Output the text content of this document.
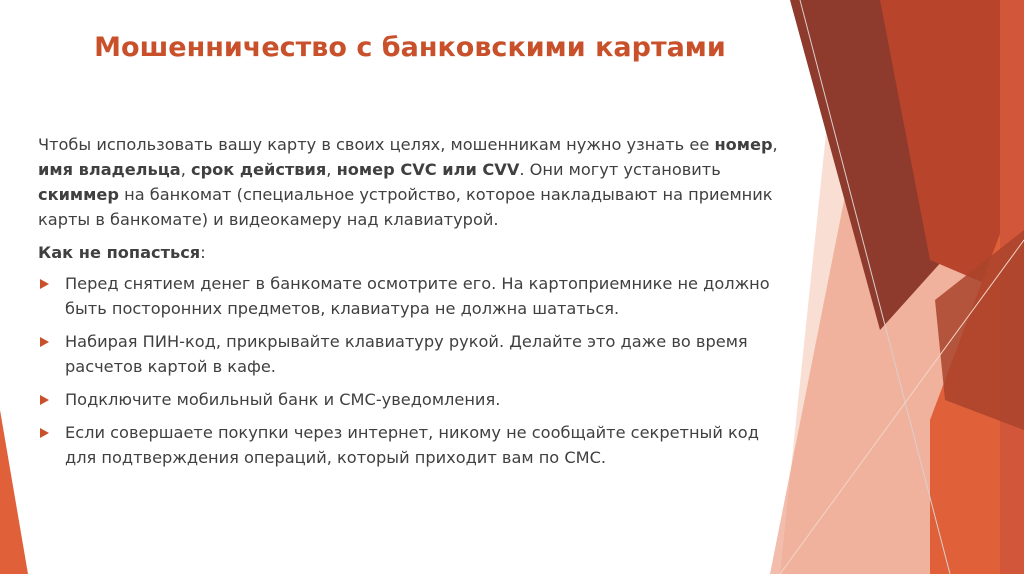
Мошенничество с банковскими картами

Чтобы использовать вашу карту в своих целях, мошенникам нужно узнать ее номер, имя владельца, срок действия, номер CVC или CVV. Они могут установить скиммер на банкомат (специальное устройство, которое накладывают на приемник карты в банкомате) и видеокамеру над клавиатурой.

Как не попасться:

Перед снятием денег в банкомате осмотрите его. На картоприемнике не должно быть посторонних предметов, клавиатура не должна шататься.
Набирая ПИН-код, прикрывайте клавиатуру рукой. Делайте это даже во время расчетов картой в кафе.
Подключите мобильный банк и СМС-уведомления.
Если совершаете покупки через интернет, никому не сообщайте секретный код для подтверждения операций, который приходит вам по СМС.
